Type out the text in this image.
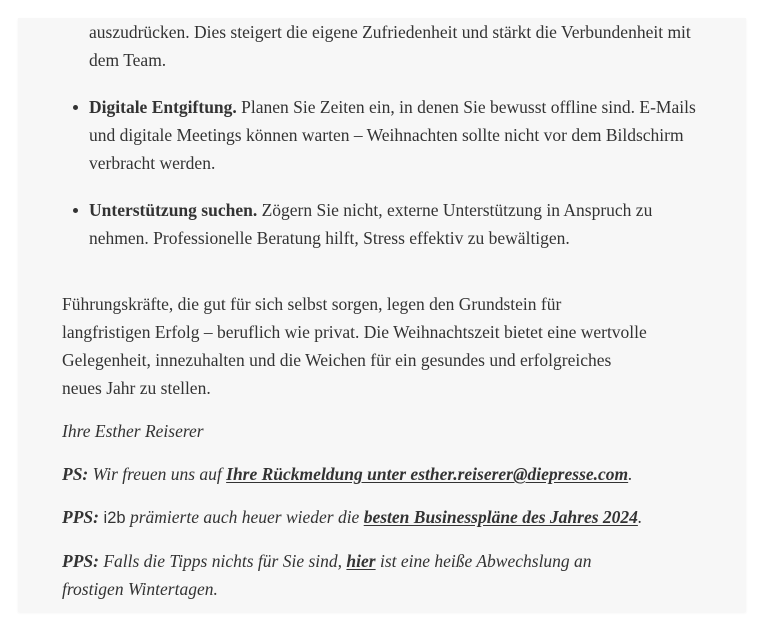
auszudrücken. Dies steigert die eigene Zufriedenheit und stärkt die Verbundenheit mit dem Team.
Digitale Entgiftung. Planen Sie Zeiten ein, in denen Sie bewusst offline sind. E-Mails und digitale Meetings können warten – Weihnachten sollte nicht vor dem Bildschirm verbracht werden.
Unterstützung suchen. Zögern Sie nicht, externe Unterstützung in Anspruch zu nehmen. Professionelle Beratung hilft, Stress effektiv zu bewältigen.

Führungskräfte, die gut für sich selbst sorgen, legen den Grundstein für langfristigen Erfolg – beruflich wie privat. Die Weihnachtszeit bietet eine wertvolle Gelegenheit, innezuhalten und die Weichen für ein gesundes und erfolgreiches neues Jahr zu stellen.

Ihre Esther Reiserer

PS: Wir freuen uns auf Ihre Rückmeldung unter esther.reiserer@diepresse.com.

PPS: i2b prämierte auch heuer wieder die besten Businesspläne des Jahres 2024.

PPS: Falls die Tipps nichts für Sie sind, hier ist eine heiße Abwechslung an frostigen Wintertagen.
